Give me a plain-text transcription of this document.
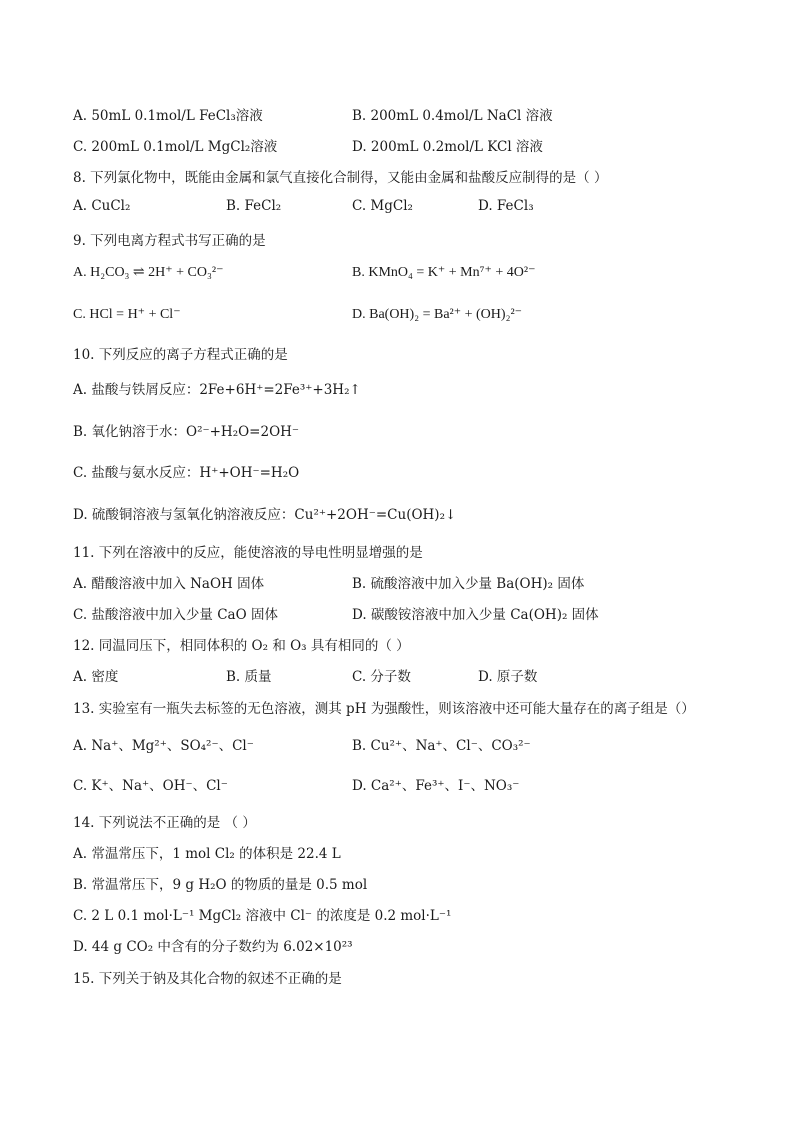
A. 50mL 0.1mol/L FeCl₃溶液	B. 200mL 0.4mol/L NaCl 溶液
C. 200mL 0.1mol/L MgCl₂溶液	D. 200mL 0.2mol/L KCl 溶液
8. 下列氯化物中，既能由金属和氯气直接化合制得，又能由金属和盐酸反应制得的是（ ）
A. CuCl₂	B. FeCl₂	C. MgCl₂	D. FeCl₃
9. 下列电离方程式书写正确的是
A. H₂CO₃ ⇌ 2H⁺ + CO₃²⁻	B. KMnO₄ = K⁺ + Mn⁷⁺ + 4O²⁻
C. HCl = H⁺ + Cl⁻	D. Ba(OH)₂ = Ba²⁺ + (OH)₂²⁻
10. 下列反应的离子方程式正确的是
A. 盐酸与铁屑反应：2Fe+6H⁺=2Fe³⁺+3H₂↑
B. 氧化钠溶于水：O²⁻+H₂O=2OH⁻
C. 盐酸与氨水反应：H⁺+OH⁻=H₂O
D. 硫酸铜溶液与氢氧化钠溶液反应：Cu²⁺+2OH⁻=Cu(OH)₂↓
11. 下列在溶液中的反应，能使溶液的导电性明显增强的是
A. 醋酸溶液中加入 NaOH 固体	B. 硫酸溶液中加入少量 Ba(OH)₂ 固体
C. 盐酸溶液中加入少量 CaO 固体	D. 碳酸铵溶液中加入少量 Ca(OH)₂ 固体
12. 同温同压下，相同体积的 O₂ 和 O₃ 具有相同的（ ）
A. 密度	B. 质量	C. 分子数	D. 原子数
13. 实验室有一瓶失去标签的无色溶液，测其 pH 为强酸性，则该溶液中还可能大量存在的离子组是（）
A. Na⁺、Mg²⁺、SO₄²⁻、Cl⁻	B. Cu²⁺、Na⁺、Cl⁻、CO₃²⁻
C. K⁺、Na⁺、OH⁻、Cl⁻	D. Ca²⁺、Fe³⁺、I⁻、NO₃⁻
14. 下列说法不正确的是 （ ）
A. 常温常压下，1 mol Cl₂ 的体积是 22.4 L
B. 常温常压下，9 g H₂O 的物质的量是 0.5 mol
C. 2 L 0.1 mol·L⁻¹ MgCl₂ 溶液中 Cl⁻ 的浓度是 0.2 mol·L⁻¹
D. 44 g CO₂ 中含有的分子数约为 6.02×10²³
15. 下列关于钠及其化合物的叙述不正确的是
